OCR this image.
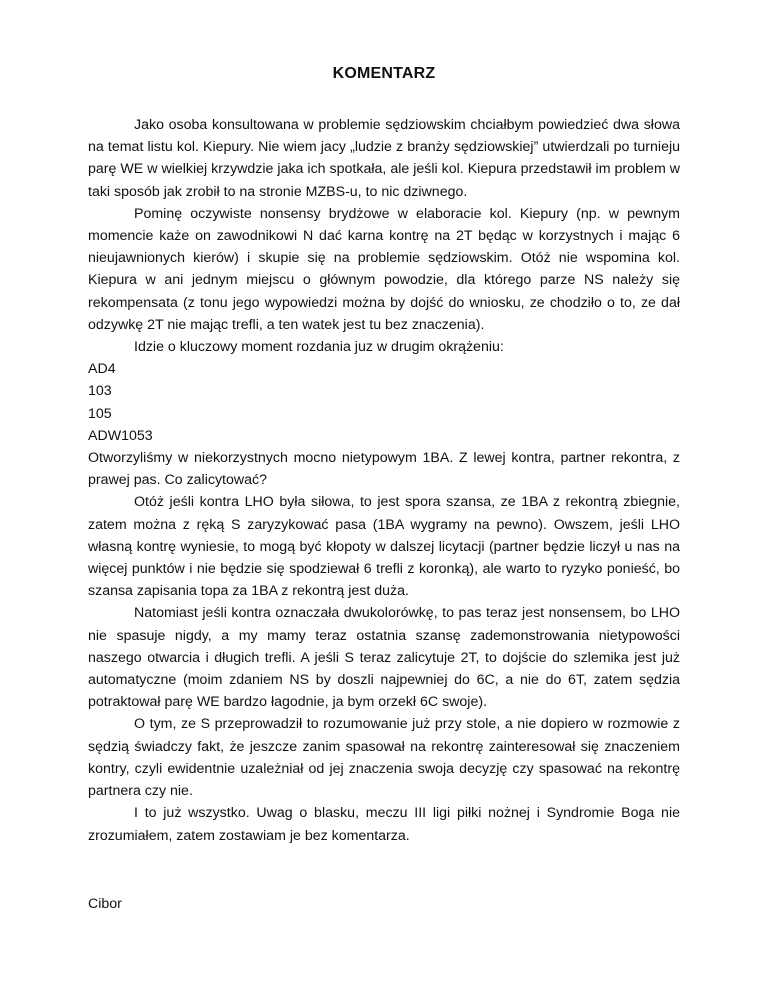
KOMENTARZ

Jako osoba konsultowana w problemie sędziowskim chciałbym powiedzieć dwa słowa na temat listu kol. Kiepury. Nie wiem jacy „ludzie z branży sędziowskiej” utwierdzali po turnieju parę WE w wielkiej krzywdzie jaka ich spotkała, ale jeśli kol. Kiepura przedstawił im problem w taki sposób jak zrobił to na stronie MZBS-u, to nic dziwnego.

Pominę oczywiste nonsensy brydżowe w elaboracie kol. Kiepury (np. w pewnym momencie każe on zawodnikowi N dać karna kontrę na 2T będąc w korzystnych i mając 6 nieujawnionych kierów) i skupie się na problemie sędziowskim. Otóż nie wspomina kol. Kiepura w ani jednym miejscu o głównym powodzie, dla którego parze NS należy się rekompensata (z tonu jego wypowiedzi można by dojść do wniosku, ze chodziło o to, ze dał odzywkę 2T nie mając trefli, a ten watek jest tu bez znaczenia).

Idzie o kluczowy moment rozdania juz w drugim okrążeniu:

AD4

103

105

ADW1053

Otworzyliśmy w niekorzystnych mocno nietypowym 1BA. Z lewej kontra, partner rekontra, z prawej pas. Co zalicytować?

Otóż jeśli kontra LHO była siłowa, to jest spora szansa, ze 1BA z rekontrą zbiegnie, zatem można z ręką S zaryzykować pasa (1BA wygramy na pewno). Owszem, jeśli LHO własną kontrę wyniesie, to mogą być kłopoty w dalszej licytacji (partner będzie liczył u nas na więcej punktów i nie będzie się spodziewał 6 trefli z koronką), ale warto to ryzyko ponieść, bo szansa zapisania topa za 1BA z rekontrą jest duża.

Natomiast jeśli kontra oznaczała dwukolorówkę, to pas teraz jest nonsensem, bo LHO nie spasuje nigdy, a my mamy teraz ostatnia szansę zademonstrowania nietypowości naszego otwarcia i długich trefli. A jeśli S teraz zalicytuje 2T, to dojście do szlemika jest już automatyczne (moim zdaniem NS by doszli najpewniej do 6C, a nie do 6T, zatem sędzia potraktował parę WE bardzo łagodnie, ja bym orzekł 6C swoje).

O tym, ze S przeprowadził to rozumowanie już przy stole, a nie dopiero w rozmowie z sędzią świadczy fakt, że jeszcze zanim spasował na rekontrę zainteresował się znaczeniem kontry, czyli ewidentnie uzależniał od jej znaczenia swoja decyzję czy spasować na rekontrę partnera czy nie.

I to już wszystko. Uwag o blasku, meczu III ligi piłki nożnej i Syndromie Boga nie zrozumiałem, zatem zostawiam je bez komentarza.

Cibor
